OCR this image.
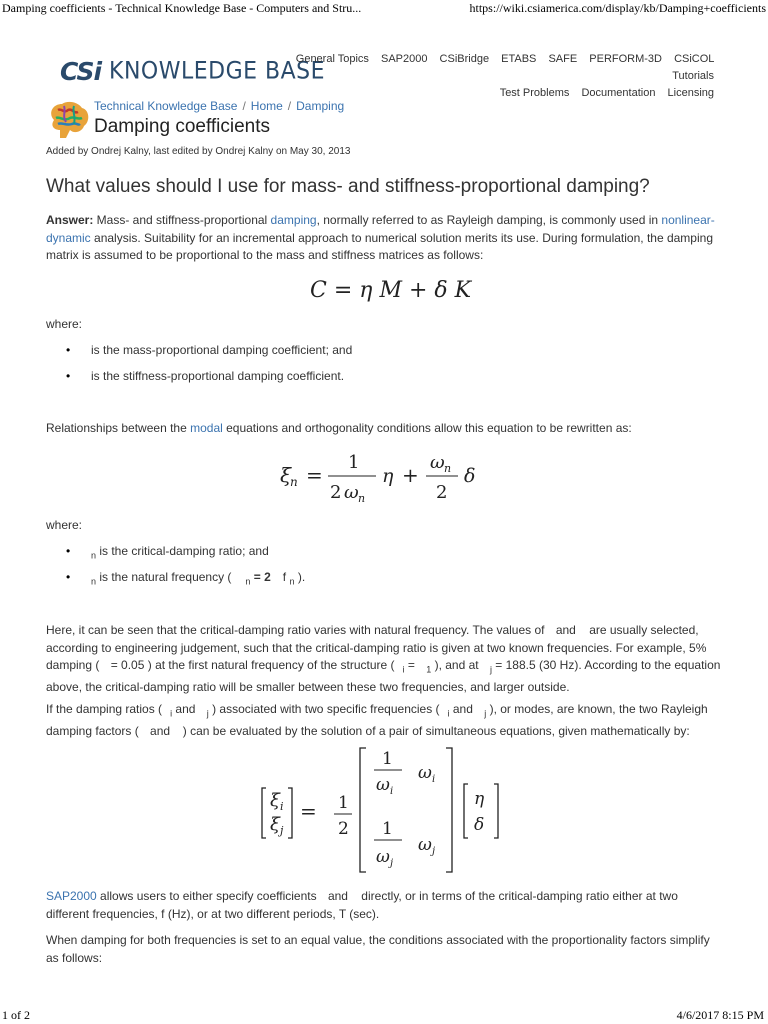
Damping coefficients - Technical Knowledge Base - Computers and Stru...	https://wiki.csiamerica.com/display/kb/Damping+coefficients
CSi KNOWLEDGE BASE
General Topics SAP2000 CSiBridge ETABS SAFE PERFORM-3D CSiCOL Tutorials
Test Problems Documentation Licensing
Technical Knowledge Base / Home / Damping
Damping coefficients
Added by Ondrej Kalny, last edited by Ondrej Kalny on May 30, 2013
What values should I use for mass- and stiffness-proportional damping?

Answer: Mass- and stiffness-proportional damping, normally referred to as Rayleigh damping, is commonly used in nonlinear-dynamic analysis. Suitability for an incremental approach to numerical solution merits its use. During formulation, the damping matrix is assumed to be proportional to the mass and stiffness matrices as follows:

C = η M + δ K

where:

• is the mass-proportional damping coefficient; and
• is the stiffness-proportional damping coefficient.

Relationships between the modal equations and orthogonality conditions allow this equation to be rewritten as:

ξ
n =
1
2 ω n
η +
ω n
2
δ

where:

• $_n$ is the critical-damping ratio; and
• $_n$ is the natural frequency ( $_n$ = 2 f $_n$ ).

Here, it can be seen that the critical-damping ratio varies with natural frequency. The values of and are usually selected, according to engineering judgement, such that the critical-damping ratio is given at two known frequencies. For example, 5% damping ( = 0.05 ) at the first natural frequency of the structure ( $_i$ = $_1$ ), and at $_j$ = 188.5 (30 Hz). According to the equation above, the critical-damping ratio will be smaller between these two frequencies, and larger outside.

If the damping ratios ( $_i$ and $_j$ ) associated with two specific frequencies ( $_i$ and $_j$ ), or modes, are known, the two Rayleigh damping factors ( and  ) can be evaluated by the solution of a pair of simultaneous equations, given mathematically by:

ξ i
ξ j
= 1
2
1
ω i
ω i
1
ω j
ω j
η
δ

SAP2000 allows users to either specify coefficients and directly, or in terms of the critical-damping ratio either at two different frequencies, f (Hz), or at two different periods, T (sec).

When damping for both frequencies is set to an equal value, the conditions associated with the proportionality factors simplify as follows:

1 of 2	4/6/2017 8:15 PM
